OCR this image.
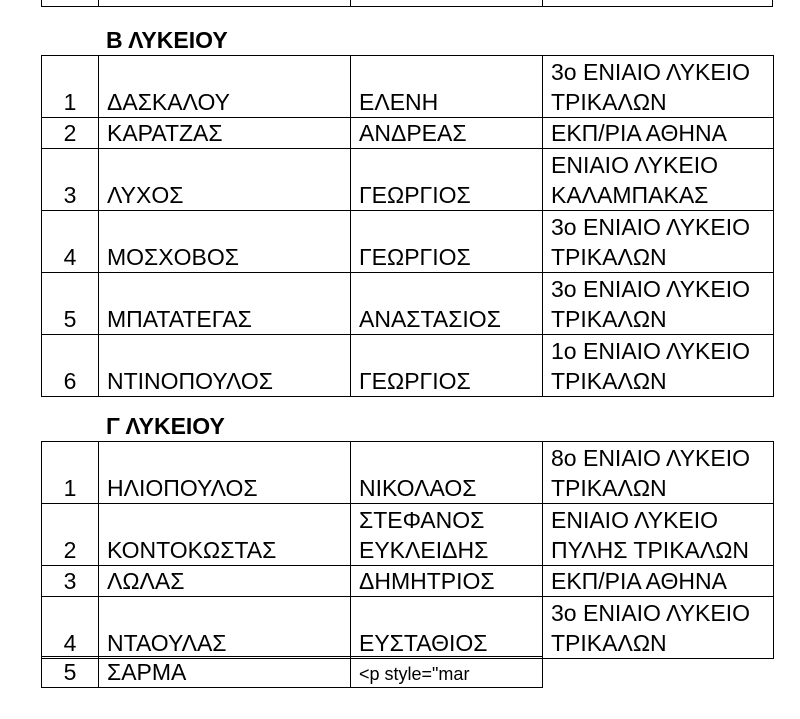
Β ΛΥΚΕΙΟΥ
1	ΔΑΣΚΑΛΟΥ	ΕΛΕΝΗ	3ο ΕΝΙΑΙΟ ΛΥΚΕΙΟ
ΤΡΙΚΑΛΩΝ

2	ΚΑΡΑΤΖΑΣ	ΑΝΔΡΕΑΣ	ΕΚΠ/ΡΙΑ ΑΘΗΝΑ

3	ΛΥΧΟΣ	ΓΕΩΡΓΙΟΣ	ΕΝΙΑΙΟ ΛΥΚΕΙΟ
ΚΑΛΑΜΠΑΚΑΣ

4	ΜΟΣΧΟΒΟΣ	ΓΕΩΡΓΙΟΣ	3ο ΕΝΙΑΙΟ ΛΥΚΕΙΟ
ΤΡΙΚΑΛΩΝ

5	ΜΠΑΤΑΤΕΓΑΣ	ΑΝΑΣΤΑΣΙΟΣ	3ο ΕΝΙΑΙΟ ΛΥΚΕΙΟ
ΤΡΙΚΑΛΩΝ

6	ΝΤΙΝΟΠΟΥΛΟΣ	ΓΕΩΡΓΙΟΣ	1ο ΕΝΙΑΙΟ ΛΥΚΕΙΟ
ΤΡΙΚΑΛΩΝ
Γ ΛΥΚΕΙΟΥ
1	ΗΛΙΟΠΟΥΛΟΣ	ΝΙΚΟΛΑΟΣ	8ο ΕΝΙΑΙΟ ΛΥΚΕΙΟ
ΤΡΙΚΑΛΩΝ

2	ΚΟΝΤΟΚΩΣΤΑΣ	ΣΤΕΦΑΝΟΣ
ΕΥΚΛΕΙΔΗΣ	ΕΝΙΑΙΟ ΛΥΚΕΙΟ
ΠΥΛΗΣ ΤΡΙΚΑΛΩΝ

3	ΛΩΛΑΣ	ΔΗΜΗΤΡΙΟΣ	ΕΚΠ/ΡΙΑ ΑΘΗΝΑ

4	ΝΤΑΟΥΛΑΣ	ΕΥΣΤΑΘΙΟΣ	3ο ΕΝΙΑΙΟ ΛΥΚΕΙΟ
ΤΡΙΚΑΛΩΝ
5	ΣΑΡΜΑ	<p style="mar
